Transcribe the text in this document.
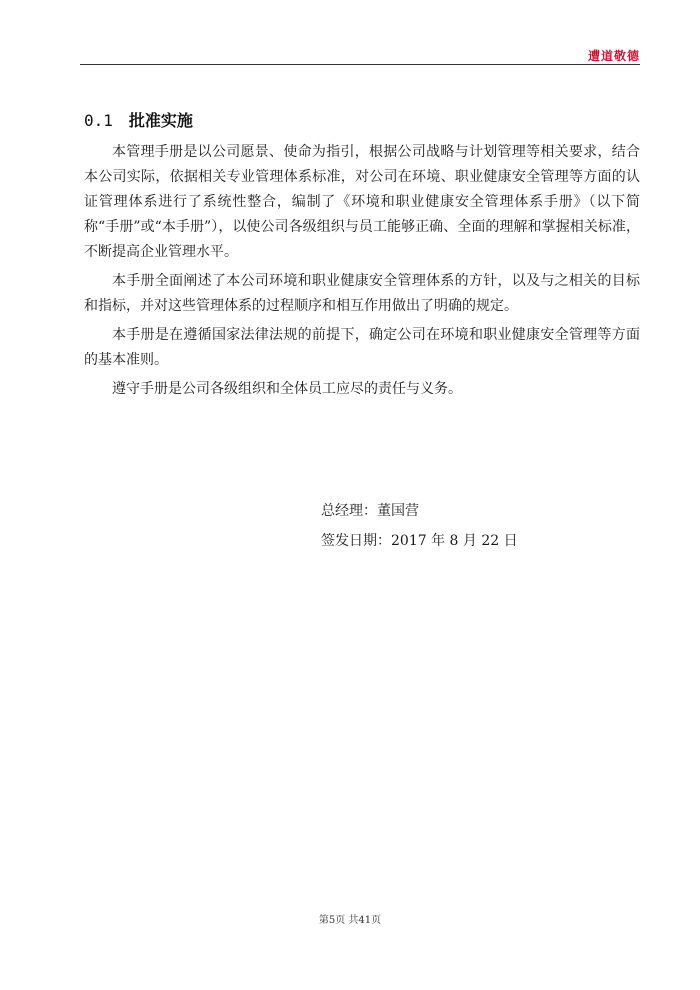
遭道敬德
0.1 批准实施

本管理手册是以公司愿景、使命为指引，根据公司战略与计划管理等相关要求，结合本公司实际，依据相关专业管理体系标准，对公司在环境、职业健康安全管理等方面的认证管理体系进行了系统性整合，编制了《环境和职业健康安全管理体系手册》（以下简称“手册”或“本手册”），以使公司各级组织与员工能够正确、全面的理解和掌握相关标准，不断提高企业管理水平。

本手册全面阐述了本公司环境和职业健康安全管理体系的方针，以及与之相关的目标和指标，并对这些管理体系的过程顺序和相互作用做出了明确的规定。

本手册是在遵循国家法律法规的前提下，确定公司在环境和职业健康安全管理等方面的基本准则。

遵守手册是公司各级组织和全体员工应尽的责任与义务。

总经理：董国营
签发日期：2017 年 8 月 22 日
第5页 共41页
